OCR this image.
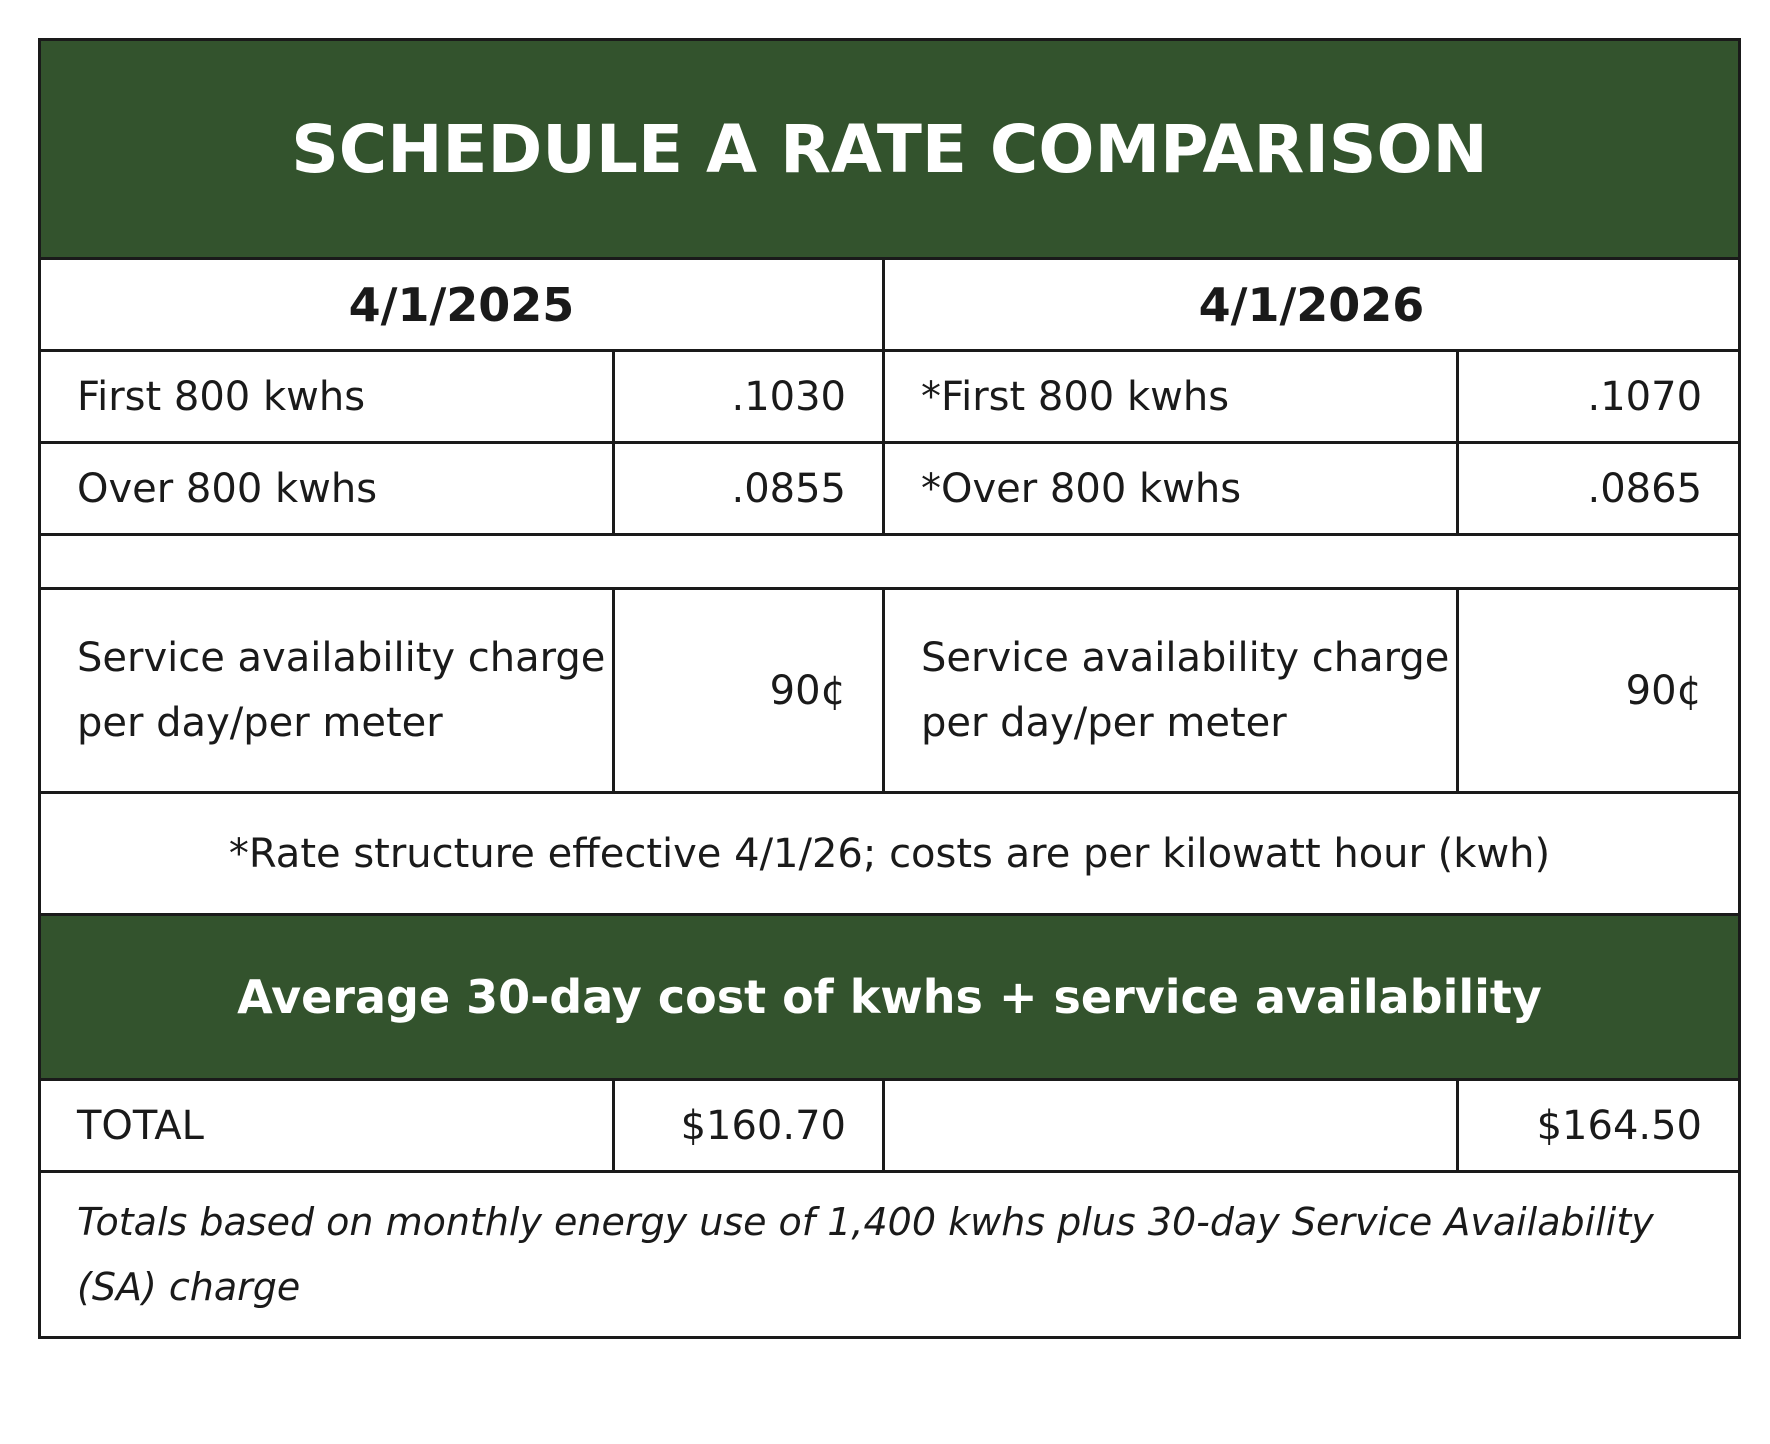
SCHEDULE A RATE COMPARISON			
4/1/2025		4/1/2026	
First 800 kwhs	.1030	*First 800 kwhs	.1070
Over 800 kwhs	.0855	*Over 800 kwhs	.0865

Service availability charge per day/per meter	90¢	Service availability charge per day/per meter	90¢
*Rate structure effective 4/1/26; costs are per kilowatt hour (kwh)			
Average 30-day cost of kwhs + service availability			
TOTAL	$160.70		$164.50
Totals based on monthly energy use of 1,400 kwhs plus 30-day Service Availability (SA) charge			
